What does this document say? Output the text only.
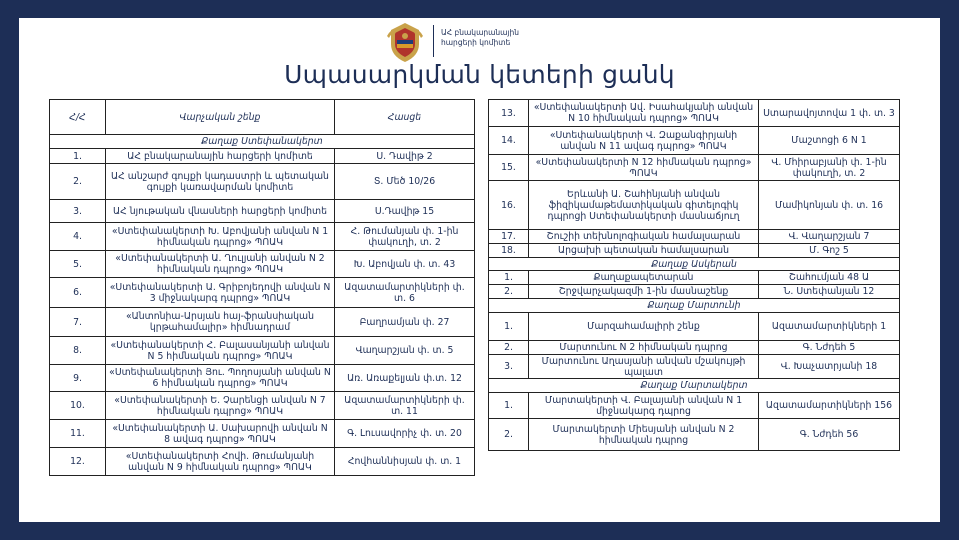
ԱՀ բնակարանային
հարցերի կոմիտե
Սպասարկման կետերի ցանկ
Հ/Հ	Վարչական շենք	Հասցե
Քաղաք Ստեփանակերտ		
1.	ԱՀ բնակարանային հարցերի կոմիտե	Ս. Դավիթ 2
2.	ԱՀ անշարժ գույքի կադաստրի և պետական գույքի կառավարման կոմիտե	Տ. Մեծ 10/26
3.	ԱՀ նյութական վնասների հարցերի կոմիտե	Ս.Դավիթ 15
4.	«Ստեփանակերտի Խ. Աբովյանի անվան N 1 հիմնական դպրոց» ՊՈԱԿ	Հ. Թումանյան փ. 1-ին փակուղի, տ. 2
5.	«Ստեփանակերտի Ա. Ղուլյանի անվան N 2 հիմնական դպրոց» ՊՈԱԿ	Խ. Աբովյան փ. տ. 43
6.	«Ստեփանակերտի Ա. Գրիբոյեդովի անվան N 3 միջնակարգ դպրոց» ՊՈԱԿ	Ազատամարտիկների փ. տ. 6
7.	«Անտոնիա-Արսյան հայ-ֆրանսիական կրթահամալիր» հիմնադրամ	Բաղրամյան փ. 27
8.	«Ստեփանակերտի Հ. Բալասանյանի անվան N 5 հիմնական դպրոց» ՊՈԱԿ	Վաղարշյան փ. տ. 5
9.	«Ստեփանակերտի Յու. Պողոսյանի անվան N 6 հիմնական դպրոց» ՊՈԱԿ	Առ. Առաքելյան փ.տ. 12
10.	«Ստեփանակերտի Ե. Չարենցի անվան N 7 հիմնական դպրոց» ՊՈԱԿ	Ազատամարտիկների փ. տ. 11
11.	«Ստեփանակերտի Ա. Սախարովի անվան N 8 ավագ դպրոց» ՊՈԱԿ	Գ. Լուսավորիչ փ. տ. 20
12.	«Ստեփանակերտի Հովի. Թումանյանի անվան N 9 հիմնական դպրոց» ՊՈԱԿ	Հովհաննիսյան փ. տ. 1
13.	«Ստեփանակերտի Ավ. Իսահակյանի անվան N 10 հիմնական դպրոց» ՊՈԱԿ	Ստարավոյտովա 1 փ. տ. 3
14.	«Ստեփանակերտի Վ. Զաքանգիրյանի անվան N 11 ավագ դպրոց» ՊՈԱԿ	Մաշտոցի 6 N 1
15.	«Ստեփանակերտի N 12 հիմնական դպրոց» ՊՈԱԿ	Վ. Մհիրաբյանի փ. 1-ին փակուղի, տ. 2
16.	Երևանի Ա. Շահինյանի անվան ֆիզիկամաթեմատիկական գիտելոգիկ դպրոցի Ստեփանակերտի մասնաճյուղ	Մամիկոնյան փ. տ. 16
17.	Շուշիի տեխնոլոգիական համալսարան	Վ. Վաղարշյան 7
18.	Արցախի պետական համալսարան	Մ. Գոշ 5
Քաղաք Ասկերան		
1.	Քաղաքապետարան	Շահումյան 48 Ա
2.	Շրջվարչակազմի 1-ին մասնաշենք	Ն. Ստեփանյան 12
Քաղաք Մարտունի		
1.	Մարզահամալիրի շենք	Ազատամարտիկների 1
2.	Մարտունու N 2 հիմնական դպրոց	Գ. Նժդեհ 5
3.	Մարտունու Աղասյանի անվան մշակույթի պալատ	Վ. Խաչատրյանի 18
Քաղաք Մարտակերտ		
1.	Մարտակերտի Վ. Բալայանի անվան N 1 միջնակարգ դպրոց	Ազատամարտիկների 156
2.	Մարտակերտի Միեսյանի անվան N 2 հիմնական դպրոց	Գ. Նժդեհ 56
